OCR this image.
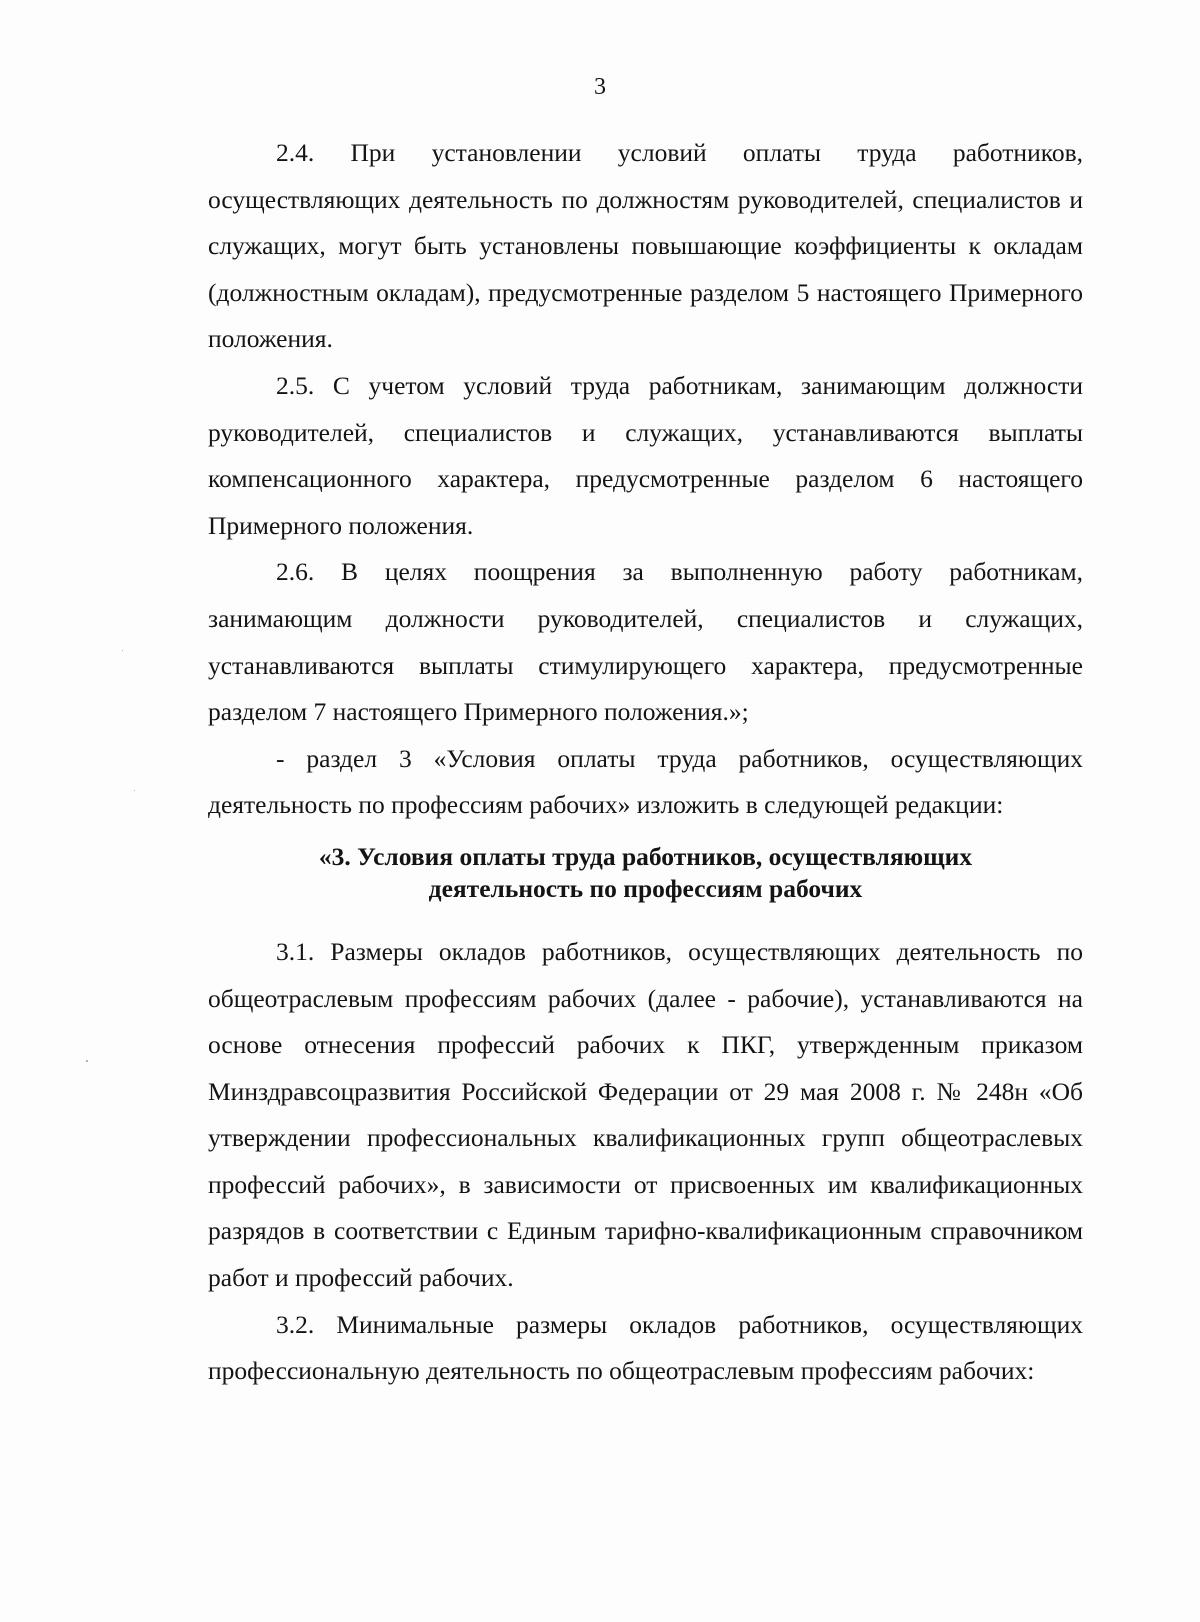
3

2.4. При установлении условий оплаты труда работников, осуществляющих деятельность по должностям руководителей, специалистов и служащих, могут быть установлены повышающие коэффициенты к окладам (должностным окладам), предусмотренные разделом 5 настоящего Примерного положения.

2.5. С учетом условий труда работникам, занимающим должности руководителей, специалистов и служащих, устанавливаются выплаты компенсационного характера, предусмотренные разделом 6 настоящего Примерного положения.

2.6. В целях поощрения за выполненную работу работникам, занимающим должности руководителей, специалистов и служащих, устанавливаются выплаты стимулирующего характера, предусмотренные разделом 7 настоящего Примерного положения.»;

- раздел 3 «Условия оплаты труда работников, осуществляющих деятельность по профессиям рабочих» изложить в следующей редакции:

«3. Условия оплаты труда работников, осуществляющих
деятельность по профессиям рабочих

3.1. Размеры окладов работников, осуществляющих деятельность по общеотраслевым профессиям рабочих (далее - рабочие), устанавливаются на основе отнесения профессий рабочих к ПКГ, утвержденным приказом Минздравсоцразвития Российской Федерации от 29 мая 2008 г. № 248н «Об утверждении профессиональных квалификационных групп общеотраслевых профессий рабочих», в зависимости от присвоенных им квалификационных разрядов в соответствии с Единым тарифно-квалификационным справочником работ и профессий рабочих.

3.2. Минимальные размеры окладов работников, осуществляющих профессиональную деятельность по общеотраслевым профессиям рабочих:
